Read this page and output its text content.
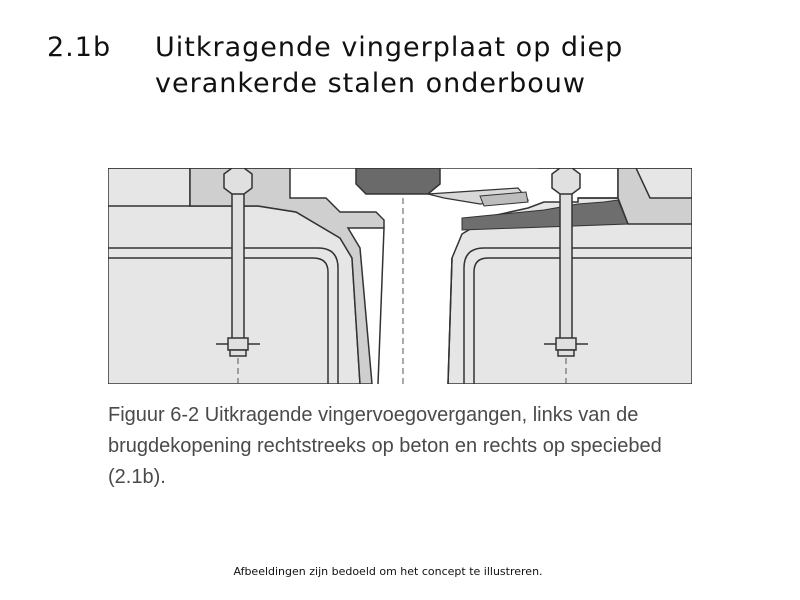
2.1b Uitkragende vingerplaat op diep verankerde stalen onderbouw
Figuur 6-2 Uitkragende vingervoegovergangen, links van de brugdekopening rechtstreeks op beton en rechts op speciebed (2.1b).
Afbeeldingen zijn bedoeld om het concept te illustreren.
